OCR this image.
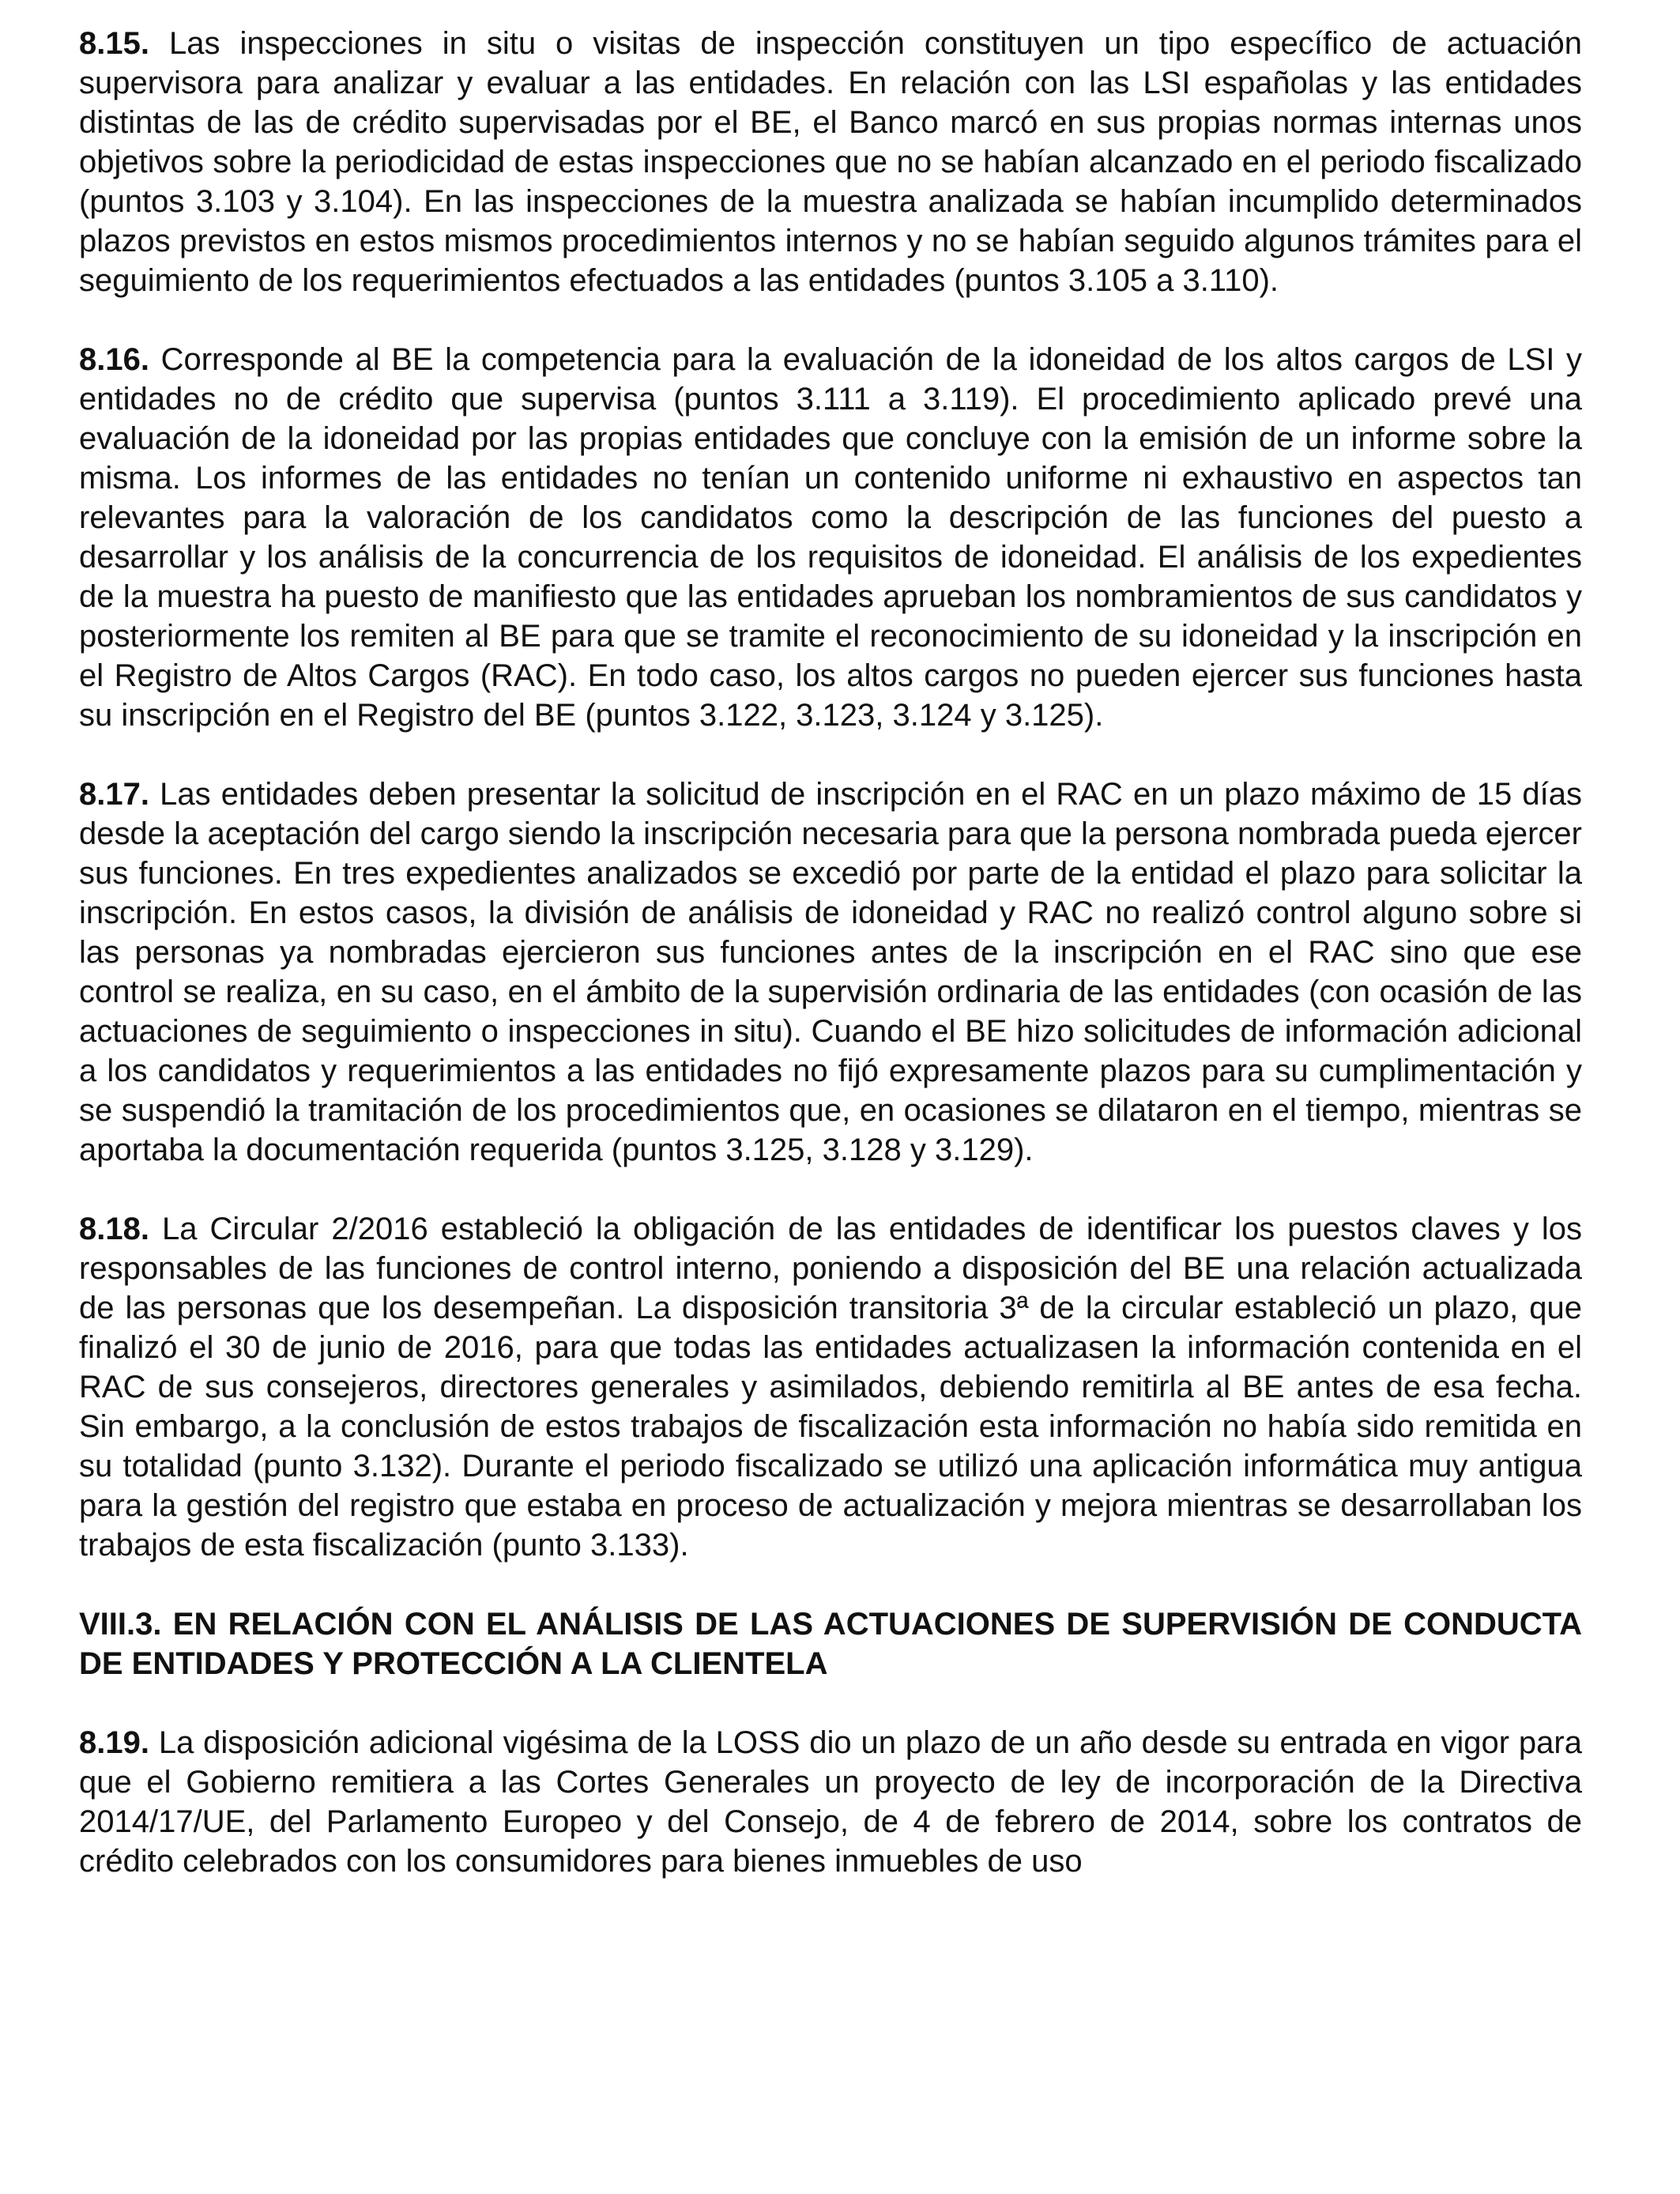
8.15. Las inspecciones in situ o visitas de inspección constituyen un tipo específico de actuación supervisora para analizar y evaluar a las entidades. En relación con las LSI españolas y las entidades distintas de las de crédito supervisadas por el BE, el Banco marcó en sus propias normas internas unos objetivos sobre la periodicidad de estas inspecciones que no se habían alcanzado en el periodo fiscalizado (puntos 3.103 y 3.104). En las inspecciones de la muestra analizada se habían incumplido determinados plazos previstos en estos mismos procedimientos internos y no se habían seguido algunos trámites para el seguimiento de los requerimientos efectuados a las entidades (puntos 3.105 a 3.110).

8.16. Corresponde al BE la competencia para la evaluación de la idoneidad de los altos cargos de LSI y entidades no de crédito que supervisa (puntos 3.111 a 3.119). El procedimiento aplicado prevé una evaluación de la idoneidad por las propias entidades que concluye con la emisión de un informe sobre la misma. Los informes de las entidades no tenían un contenido uniforme ni exhaustivo en aspectos tan relevantes para la valoración de los candidatos como la descripción de las funciones del puesto a desarrollar y los análisis de la concurrencia de los requisitos de idoneidad. El análisis de los expedientes de la muestra ha puesto de manifiesto que las entidades aprueban los nombramientos de sus candidatos y posteriormente los remiten al BE para que se tramite el reconocimiento de su idoneidad y la inscripción en el Registro de Altos Cargos (RAC). En todo caso, los altos cargos no pueden ejercer sus funciones hasta su inscripción en el Registro del BE (puntos 3.122, 3.123, 3.124 y 3.125).

8.17. Las entidades deben presentar la solicitud de inscripción en el RAC en un plazo máximo de 15 días desde la aceptación del cargo siendo la inscripción necesaria para que la persona nombrada pueda ejercer sus funciones. En tres expedientes analizados se excedió por parte de la entidad el plazo para solicitar la inscripción. En estos casos, la división de análisis de idoneidad y RAC no realizó control alguno sobre si las personas ya nombradas ejercieron sus funciones antes de la inscripción en el RAC sino que ese control se realiza, en su caso, en el ámbito de la supervisión ordinaria de las entidades (con ocasión de las actuaciones de seguimiento o inspecciones in situ). Cuando el BE hizo solicitudes de información adicional a los candidatos y requerimientos a las entidades no fijó expresamente plazos para su cumplimentación y se suspendió la tramitación de los procedimientos que, en ocasiones se dilataron en el tiempo, mientras se aportaba la documentación requerida (puntos 3.125, 3.128 y 3.129).

8.18. La Circular 2/2016 estableció la obligación de las entidades de identificar los puestos claves y los responsables de las funciones de control interno, poniendo a disposición del BE una relación actualizada de las personas que los desempeñan. La disposición transitoria 3ª de la circular estableció un plazo, que finalizó el 30 de junio de 2016, para que todas las entidades actualizasen la información contenida en el RAC de sus consejeros, directores generales y asimilados, debiendo remitirla al BE antes de esa fecha. Sin embargo, a la conclusión de estos trabajos de fiscalización esta información no había sido remitida en su totalidad (punto 3.132). Durante el periodo fiscalizado se utilizó una aplicación informática muy antigua para la gestión del registro que estaba en proceso de actualización y mejora mientras se desarrollaban los trabajos de esta fiscalización (punto 3.133).

VIII.3. EN RELACIÓN CON EL ANÁLISIS DE LAS ACTUACIONES DE SUPERVISIÓN DE CONDUCTA DE ENTIDADES Y PROTECCIÓN A LA CLIENTELA

8.19. La disposición adicional vigésima de la LOSS dio un plazo de un año desde su entrada en vigor para que el Gobierno remitiera a las Cortes Generales un proyecto de ley de incorporación de la Directiva 2014/17/UE, del Parlamento Europeo y del Consejo, de 4 de febrero de 2014, sobre los contratos de crédito celebrados con los consumidores para bienes inmuebles de uso
